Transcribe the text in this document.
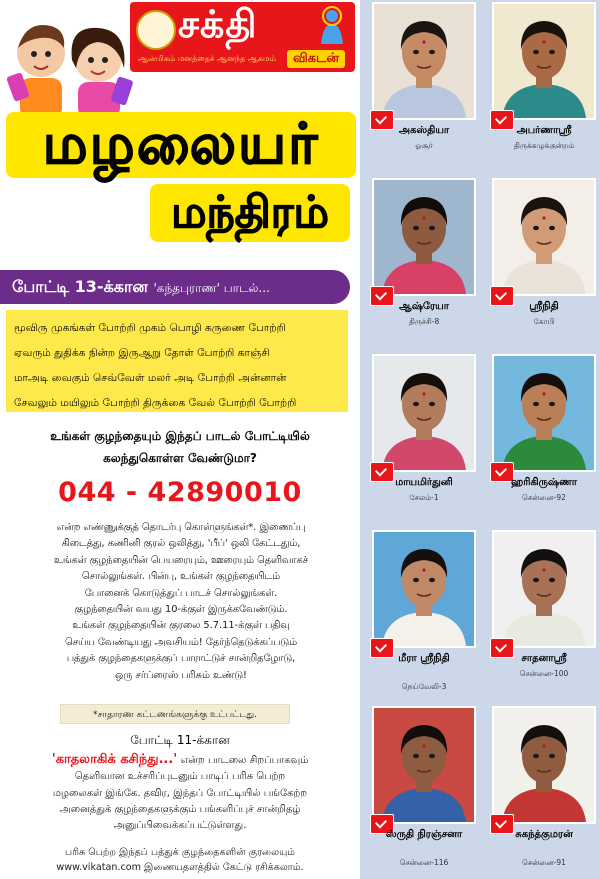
சக்தி
ஆன்மிகம் மனத்தைச் ஆனந்த ஆகமம்	விகடன்
மழலையர்
மந்திரம்
போட்டி 13-க்கான 'கந்தபுராண' பாடல்...
மூவிரு முகங்கள் போற்றி முகம் பொழி கருணை போற்றி
ஏவரும் துதிக்க நின்ற இருஆறு தோள் போற்றி காஞ்சி
மாஅடி வைகும் செவ்வேள் மலர் அடி போற்றி அன்னான்
சேவலும் மயிலும் போற்றி திருக்கை வேல் போற்றி போற்றி
உங்கள் குழந்தையும் இந்தப் பாடல் போட்டியில்
கலந்துகொள்ள வேண்டுமா?
044 - 42890010
என்ற எண்ணுக்குத் தொடர்பு கொள்ளுங்கள்*. இணைப்பு
கிடைத்து, கணினி குரல் ஒலித்து, 'பீப்' ஒலி கேட்டதும்,
உங்கள் குழந்தையின் பெயரையும், ஊரையும் தெளிவாகச்
சொல்லுங்கள். பின்பு, உங்கள் குழந்தையிடம்
போனைக் கொடுத்துப் பாடச் சொல்லுங்கள்.
குழந்தையின் வயது 10-க்குள் இருக்கவேண்டும்.
உங்கள் குழந்தையின் குரலை 5.7.11-க்குள் பதிவு
செய்ய வேண்டியது அவசியம்! தேர்ந்தெடுக்கப்படும்
பத்துக் குழந்தைகளுக்குப் பாராட்டுச் சான்றிதழோடு,
ஒரு சர்ப்ரைஸ் பரிசும் உண்டு!
*சாதாரண கட்டணங்களுக்கு உட்பட்டது.
போட்டி 11-க்கான
'காதலாகிக் கசிந்து...' என்ற பாடலை சிறப்பாகவும்
தெளிவான உச்சரிப்புடனும் பாடிப் பரிசு பெற்ற
மழலைகள் இங்கே. தவிர, இந்தப் போட்டியில் பங்கேற்ற
அனைத்துக் குழந்தைகளுக்கும் பங்களிப்புச் சான்றிதழ்
அனுப்பிவைக்கப்பட்டுள்ளது.
பரிசு பெற்ற இந்தப் பத்துக் குழந்தைகளின் குரலையும்
www.vikatan.com இணையதளத்தில் கேட்டு ரசிக்கலாம்.
அகஸ்தியா
ஓசூர்
அபர்ணாஸ்ரீ
திருக்கழுக்குன்றம்
ஆஷ்ரேயா
திருச்சி-8
ஸ்ரீநிதி
கோபி
மாயமிர்துனி
சேலம்-1
ஹரிகிருஷ்ணா
சென்னை-92
மீரா ஸ்ரீநிதி
நெய்வேலி-3
சாதனாஸ்ரீ
சென்னை-100
ஸ்ருதி நிரஞ்சனா
சென்னை-116
சுகந்த்குமரன்
சென்னை-91
